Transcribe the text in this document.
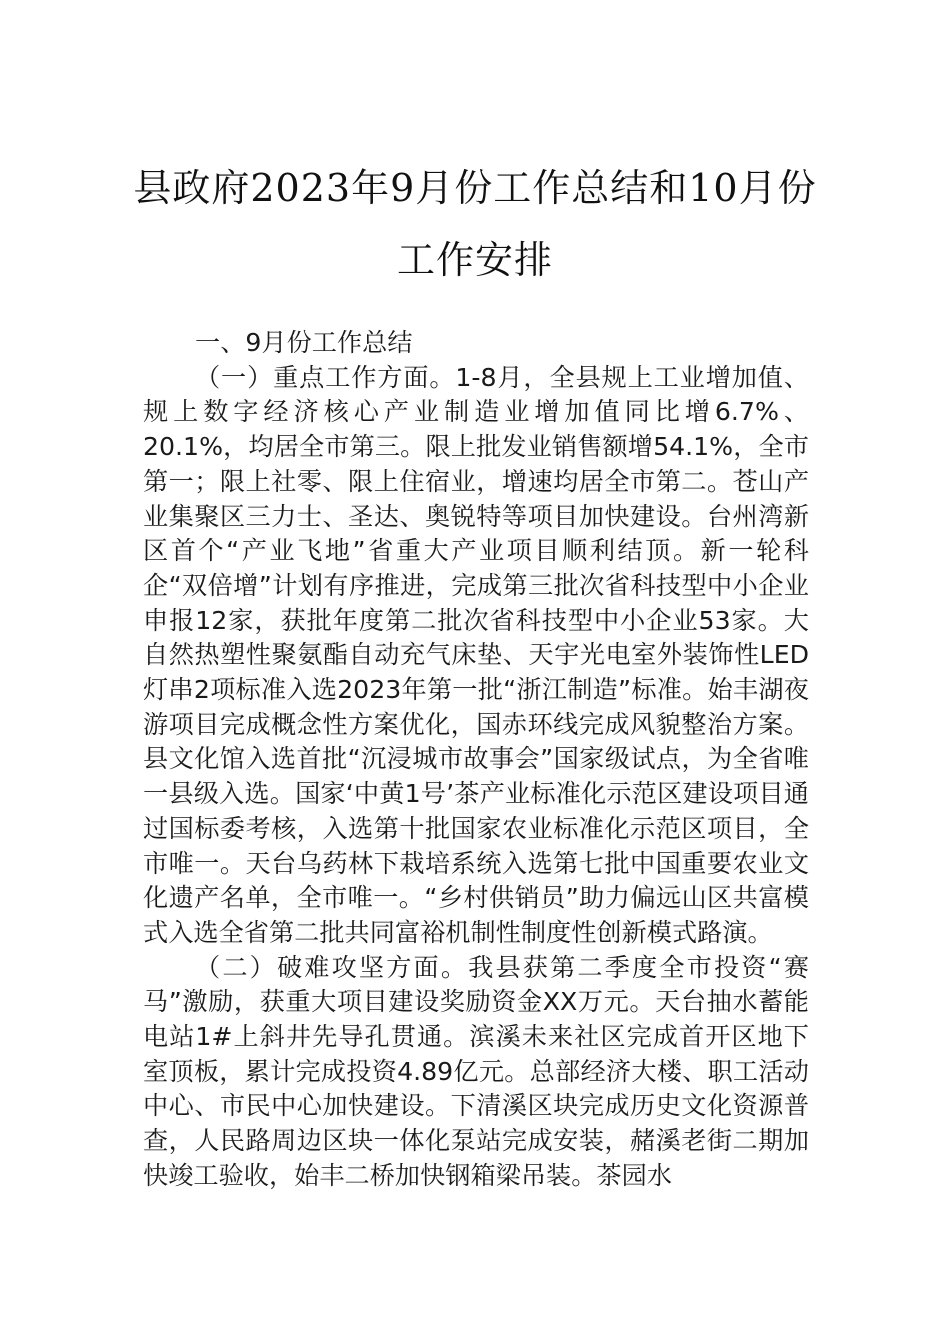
县政府2023年9月份工作总结和10月份工作安排

一、9月份工作总结

（一）重点工作方面。1-8月，全县规上工业增加值、规上数字经济核心产业制造业增加值同比增6.7%、20.1%，均居全市第三。限上批发业销售额增54.1%，全市第一；限上社零、限上住宿业，增速均居全市第二。苍山产业集聚区三力士、圣达、奥锐特等项目加快建设。台州湾新区首个“产业飞地”省重大产业项目顺利结顶。新一轮科企“双倍增”计划有序推进，完成第三批次省科技型中小企业申报12家，获批年度第二批次省科技型中小企业53家。大自然热塑性聚氨酯自动充气床垫、天宇光电室外装饰性LED灯串2项标准入选2023年第一批“浙江制造”标准。始丰湖夜游项目完成概念性方案优化，国赤环线完成风貌整治方案。县文化馆入选首批“沉浸城市故事会”国家级试点，为全省唯一县级入选。国家‘中黄1号’茶产业标准化示范区建设项目通过国标委考核，入选第十批国家农业标准化示范区项目，全市唯一。天台乌药林下栽培系统入选第七批中国重要农业文化遗产名单，全市唯一。“乡村供销员”助力偏远山区共富模式入选全省第二批共同富裕机制性制度性创新模式路演。

（二）破难攻坚方面。我县获第二季度全市投资“赛马”激励，获重大项目建设奖励资金XX万元。天台抽水蓄能电站1#上斜井先导孔贯通。滨溪未来社区完成首开区地下室顶板，累计完成投资4.89亿元。总部经济大楼、职工活动中心、市民中心加快建设。下清溪区块完成历史文化资源普查，人民路周边区块一体化泵站完成安装，赭溪老街二期加快竣工验收，始丰二桥加快钢箱梁吊装。茶园水
